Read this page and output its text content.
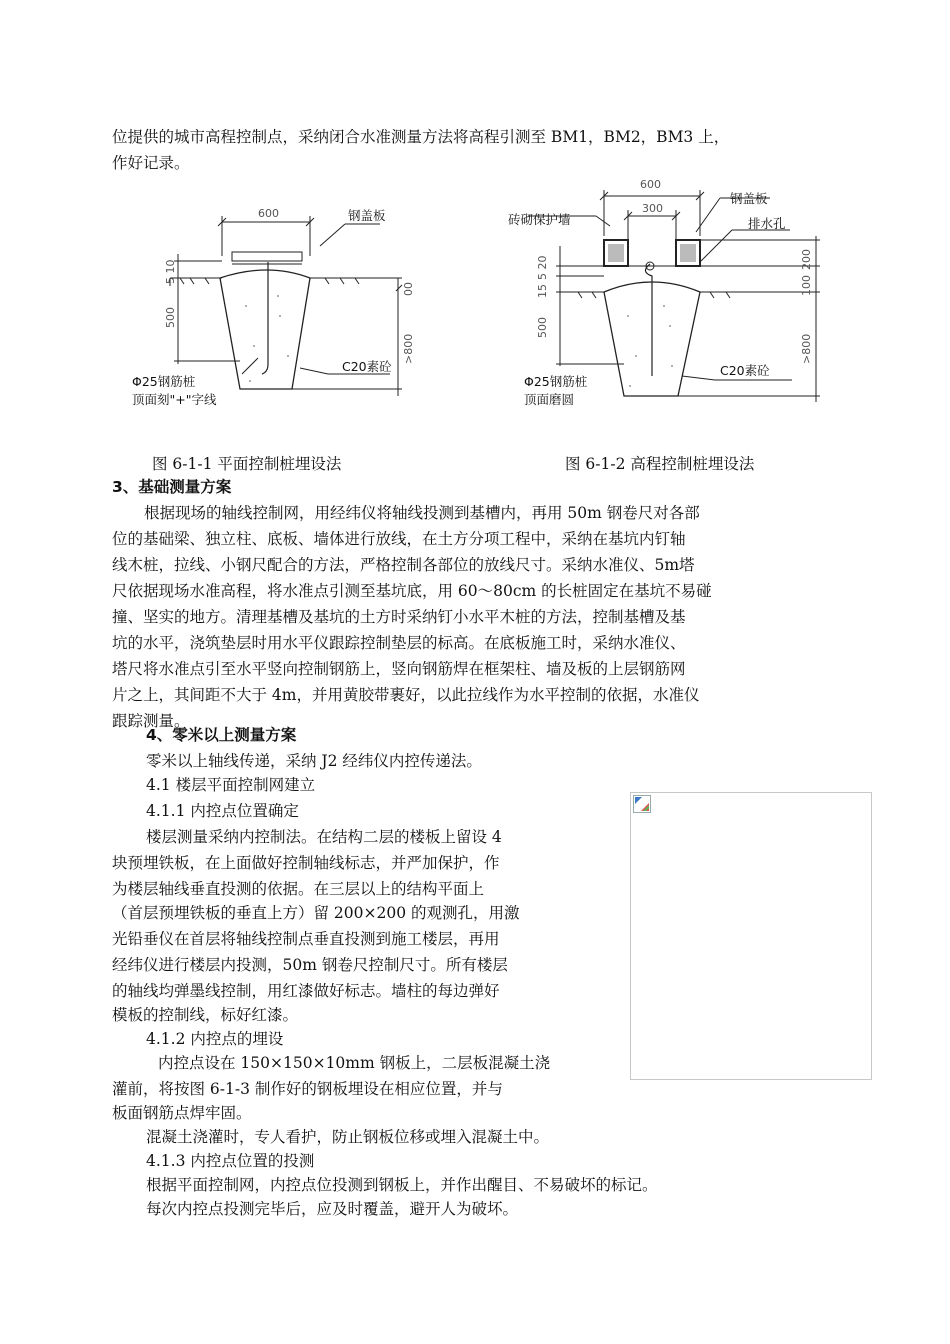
位提供的城市高程控制点，采纳闭合水准测量方法将高程引测至 BM1，BM2，BM3 上，
作好记录。
600
5 10
500
00
>800
钢盖板
C20素砼
Φ25钢筋桩
顶面刻"+"字线
图 6-1-1 平面控制桩埋设法
600
300
5 20
15
500
200
100
>800
钢盖板
砖砌保护墙	排水孔
C20素砼
Φ25钢筋桩
顶面磨圆
图 6-1-2 高程控制桩埋设法
3、基础测量方案
根据现场的轴线控制网，用经纬仪将轴线投测到基槽内，再用 50m 钢卷尺对各部
位的基础梁、独立柱、底板、墙体进行放线，在土方分项工程中，采纳在基坑内钉轴
线木桩，拉线、小钢尺配合的方法，严格控制各部位的放线尺寸。采纳水准仪、5m塔
尺依据现场水准高程，将水准点引测至基坑底，用 60～80cm 的长桩固定在基坑不易碰
撞、坚实的地方。清理基槽及基坑的土方时采纳钉小水平木桩的方法，控制基槽及基
坑的水平，浇筑垫层时用水平仪跟踪控制垫层的标高。在底板施工时，采纳水准仪、
塔尺将水准点引至水平竖向控制钢筋上，竖向钢筋焊在框架柱、墙及板的上层钢筋网
片之上，其间距不大于 4m，并用黄胶带裹好，以此拉线作为水平控制的依据，水准仪
跟踪测量。
4、零米以上测量方案
零米以上轴线传递，采纳 J2 经纬仪内控传递法。
4.1 楼层平面控制网建立
4.1.1 内控点位置确定
楼层测量采纳内控制法。在结构二层的楼板上留设 4
块预埋铁板，在上面做好控制轴线标志，并严加保护，作
为楼层轴线垂直投测的依据。在三层以上的结构平面上
（首层预埋铁板的垂直上方）留 200×200 的观测孔，用激
光铅垂仪在首层将轴线控制点垂直投测到施工楼层，再用
经纬仪进行楼层内投测，50m 钢卷尺控制尺寸。所有楼层
的轴线均弹墨线控制，用红漆做好标志。墙柱的每边弹好
模板的控制线，标好红漆。
4.1.2 内控点的埋设
内控点设在 150×150×10mm 钢板上，二层板混凝土浇
灌前，将按图 6-1-3 制作好的钢板埋设在相应位置，并与
板面钢筋点焊牢固。
混凝土浇灌时，专人看护，防止钢板位移或埋入混凝土中。
4.1.3 内控点位置的投测
根据平面控制网，内控点位投测到钢板上，并作出醒目、不易破坏的标记。
每次内控点投测完毕后，应及时覆盖，避开人为破坏。
